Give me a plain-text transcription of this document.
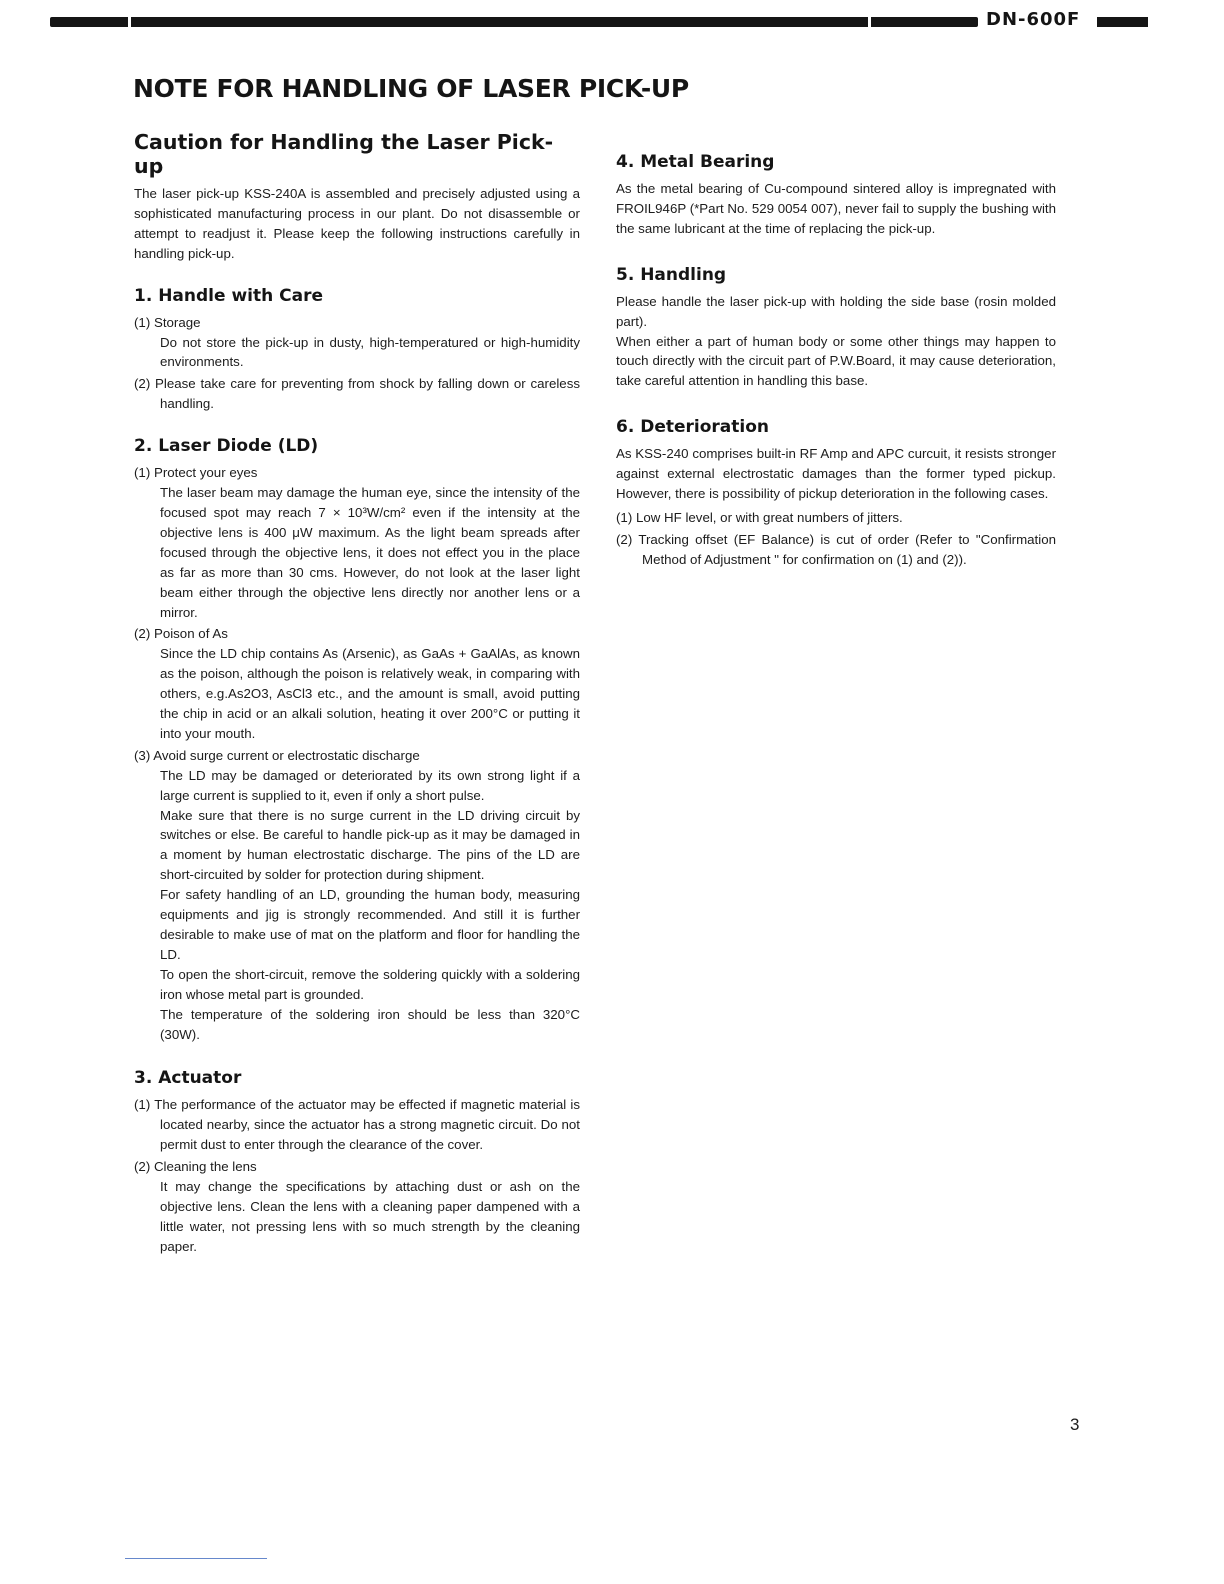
DN-600F
NOTE FOR HANDLING OF LASER PICK-UP
Caution for Handling the Laser Pick-up

The laser pick-up KSS-240A is assembled and precisely adjusted using a sophisticated manufacturing process in our plant. Do not disassemble or attempt to readjust it. Please keep the following instructions carefully in handling pick-up.

1. Handle with Care
(1) Storage

Do not store the pick-up in dusty, high-temperatured or high-humidity environments.

(2) Please take care for preventing from shock by falling down or careless handling.
2. Laser Diode (LD)
(1) Protect your eyes

The laser beam may damage the human eye, since the intensity of the focused spot may reach 7 × 10³W/cm² even if the intensity at the objective lens is 400 μW maximum. As the light beam spreads after focused through the objective lens, it does not effect you in the place as far as more than 30 cms. However, do not look at the laser light beam either through the objective lens directly nor another lens or a mirror.

(2) Poison of As

Since the LD chip contains As (Arsenic), as GaAs + GaAlAs, as known as the poison, although the poison is relatively weak, in comparing with others, e.g.As2O3, AsCl3 etc., and the amount is small, avoid putting the chip in acid or an alkali solution, heating it over 200°C or putting it into your mouth.

(3) Avoid surge current or electrostatic discharge

The LD may be damaged or deteriorated by its own strong light if a large current is supplied to it, even if only a short pulse.

Make sure that there is no surge current in the LD driving circuit by switches or else. Be careful to handle pick-up as it may be damaged in a moment by human electrostatic discharge. The pins of the LD are short-circuited by solder for protection during shipment.

For safety handling of an LD, grounding the human body, measuring equipments and jig is strongly recommended. And still it is further desirable to make use of mat on the platform and floor for handling the LD.

To open the short-circuit, remove the soldering quickly with a soldering iron whose metal part is grounded.

The temperature of the soldering iron should be less than 320°C (30W).

3. Actuator
(1) The performance of the actuator may be effected if magnetic material is located nearby, since the actuator has a strong magnetic circuit. Do not permit dust to enter through the clearance of the cover.
(2) Cleaning the lens

It may change the specifications by attaching dust or ash on the objective lens. Clean the lens with a cleaning paper dampened with a little water, not pressing lens with so much strength by the cleaning paper.

4. Metal Bearing

As the metal bearing of Cu-compound sintered alloy is impregnated with FROIL946P (*Part No. 529 0054 007), never fail to supply the bushing with the same lubricant at the time of replacing the pick-up.

5. Handling

Please handle the laser pick-up with holding the side base (rosin molded part).

When either a part of human body or some other things may happen to touch directly with the circuit part of P.W.Board, it may cause deterioration, take careful attention in handling this base.

6. Deterioration

As KSS-240 comprises built-in RF Amp and APC curcuit, it resists stronger against external electrostatic damages than the former typed pickup. However, there is possibility of pickup deterioration in the following cases.

(1) Low HF level, or with great numbers of jitters.
(2) Tracking offset (EF Balance) is cut of order (Refer to "Confirmation Method of Adjustment " for confirmation on (1) and (2)).
3
